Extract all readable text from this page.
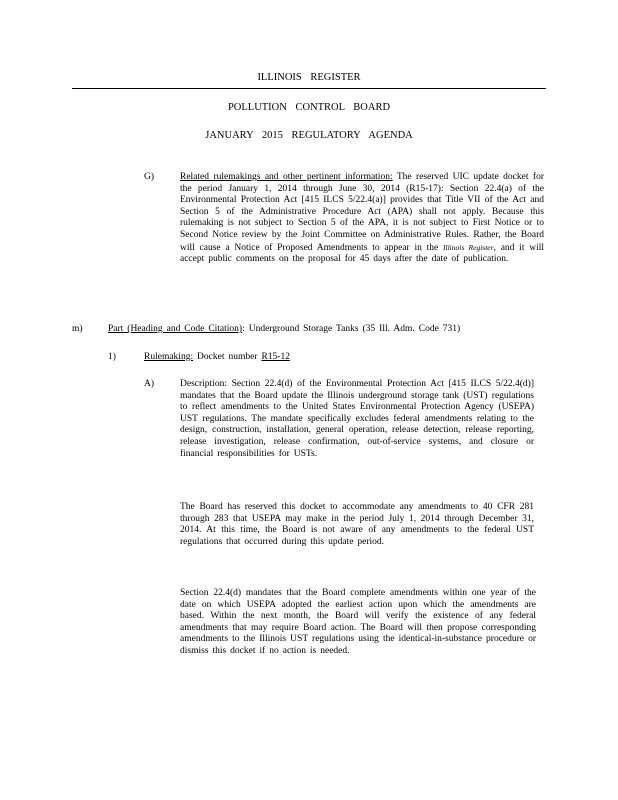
ILLINOIS REGISTER
POLLUTION CONTROL BOARD
JANUARY 2015 REGULATORY AGENDA
G)	Related rulemakings and other pertinent information: The reserved UIC update docket for the period January 1, 2014 through June 30, 2014 (R15-17): Section 22.4(a) of the Environmental Protection Act [415 ILCS 5/22.4(a)] provides that Title VII of the Act and Section 5 of the Administrative Procedure Act (APA) shall not apply. Because this rulemaking is not subject to Section 5 of the APA, it is not subject to First Notice or to Second Notice review by the Joint Committee on Administrative Rules. Rather, the Board will cause a Notice of Proposed Amendments to appear in the Illinois Register, and it will accept public comments on the proposal for 45 days after the date of publication.
m)	Part (Heading and Code Citation): Underground Storage Tanks (35 Ill. Adm. Code 731)
1)	Rulemaking: Docket number R15-12
A)	Description: Section 22.4(d) of the Environmental Protection Act [415 ILCS 5/22.4(d)] mandates that the Board update the Illinois underground storage tank (UST) regulations to reflect amendments to the United States Environmental Protection Agency (USEPA) UST regulations. The mandate specifically excludes federal amendments relating to the design, construction, installation, general operation, release detection, release reporting, release investigation, release confirmation, out-of-service systems, and closure or financial responsibilities for USTs.
The Board has reserved this docket to accommodate any amendments to 40 CFR 281 through 283 that USEPA may make in the period July 1, 2014 through December 31, 2014. At this time, the Board is not aware of any amendments to the federal UST regulations that occurred during this update period.
Section 22.4(d) mandates that the Board complete amendments within one year of the date on which USEPA adopted the earliest action upon which the amendments are based. Within the next month, the Board will verify the existence of any federal amendments that may require Board action. The Board will then propose corresponding amendments to the Illinois UST regulations using the identical-in-substance procedure or dismiss this docket if no action is needed.
